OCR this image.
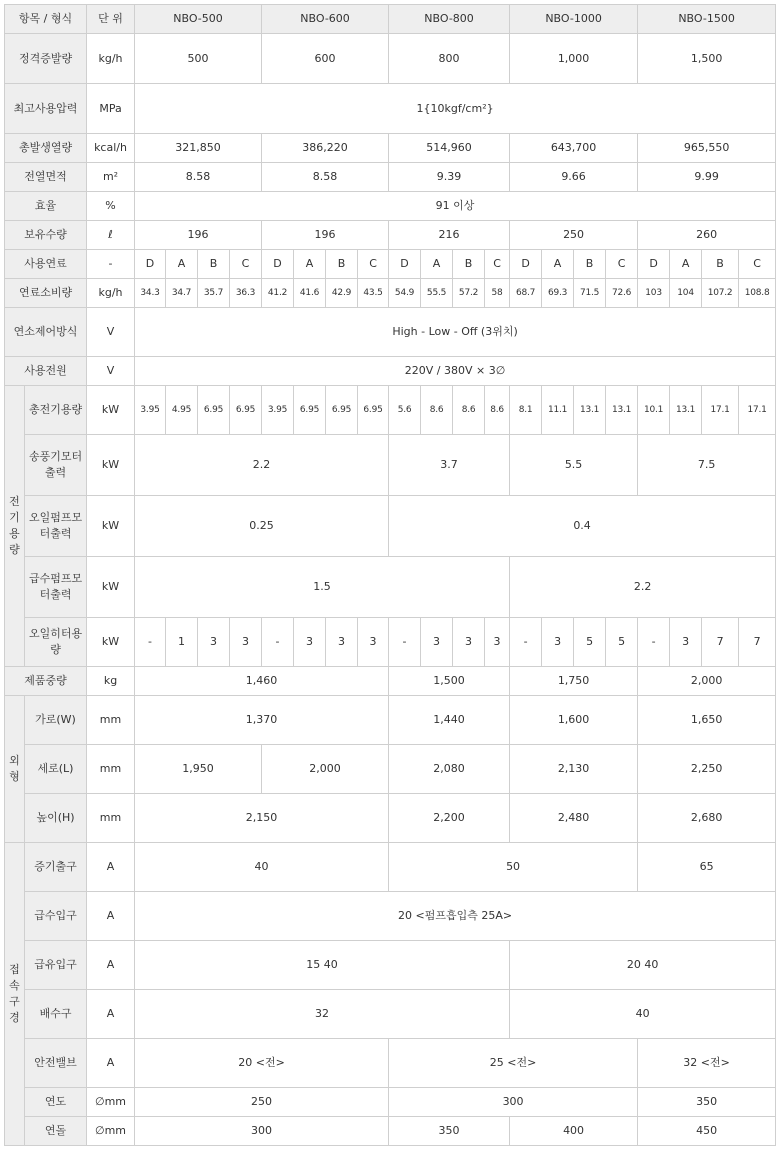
항목 / 형식		단 위	NBO-500				NBO-600				NBO-800				NBO-1000				NBO-1500			
정격증발량		kg/h	500				600				800				1,000				1,500			
최고사용압력		MPa	1{10kgf/cm²}																			
총발생열량		kcal/h	321,850				386,220				514,960				643,700				965,550			
전열면적		m²	8.58				8.58				9.39				9.66				9.99			
효율		%	91 이상																			
보유수량		ℓ	196				196				216				250				260			
사용연료		-	D	A	B	C	D	A	B	C	D	A	B	C	D	A	B	C	D	A	B	C
연료소비량		kg/h	34.3	34.7	35.7	36.3	41.2	41.6	42.9	43.5	54.9	55.5	57.2	58	68.7	69.3	71.5	72.6	103	104	107.2	108.8
연소제어방식		V	High - Low - Off (3위치)																			
사용전원		V	220V / 380V × 3∅																			
전기용량	총전기용량	kW	3.95	4.95	6.95	6.95	3.95	6.95	6.95	6.95	5.6	8.6	8.6	8.6	8.1	11.1	13.1	13.1	10.1	13.1	17.1	17.1
	송풍기모터출력	kW	2.2								3.7				5.5				7.5			
	오일펌프모터출력	kW	0.25								0.4											
	급수펌프모터출력	kW	1.5												2.2							
	오일히터용량	kW	-	1	3	3	-	3	3	3	-	3	3	3	-	3	5	5	-	3	7	7
제품중량		kg	1,460								1,500				1,750				2,000			
외형	가로(W)	mm	1,370								1,440				1,600				1,650			
	세로(L)	mm	1,950				2,000				2,080				2,130				2,250			
	높이(H)	mm	2,150								2,200				2,480				2,680			
접속구경	증기출구	A	40								50								65			
	급수입구	A	20 <펌프흡입측 25A>																			
	급유입구	A	15 40												20 40							
	배수구	A	32												40							
	안전밸브	A	20 <전>								25 <전>								32 <전>			
	연도	∅mm	250								300								350			
	연돌	∅mm	300								350				400				450			
